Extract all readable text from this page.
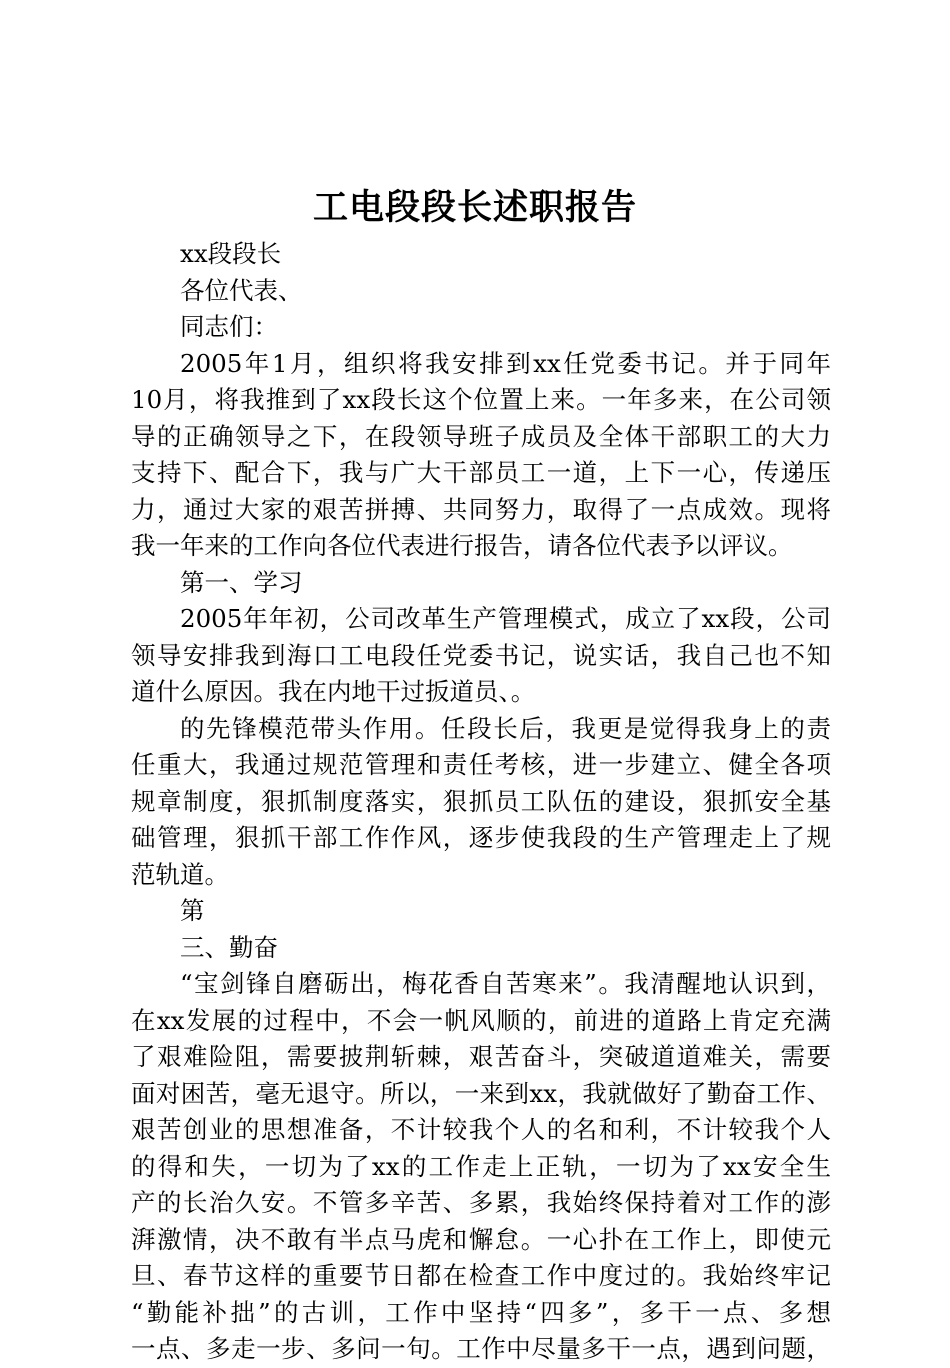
工电段段长述职报告
xx段段长
各位代表、
同志们：
2005年1月，组织将我安排到xx任党委书记。并于同年
10月，将我推到了xx段长这个位置上来。一年多来，在公司领
导的正确领导之下，在段领导班子成员及全体干部职工的大力
支持下、配合下，我与广大干部员工一道，上下一心，传递压
力，通过大家的艰苦拼搏、共同努力，取得了一点成效。现将
我一年来的工作向各位代表进行报告，请各位代表予以评议。
第一、学习
2005年年初，公司改革生产管理模式，成立了xx段，公司
领导安排我到海口工电段任党委书记，说实话，我自己也不知
道什么原因。我在内地干过扳道员、。
的先锋模范带头作用。任段长后，我更是觉得我身上的责
任重大，我通过规范管理和责任考核，进一步建立、健全各项
规章制度，狠抓制度落实，狠抓员工队伍的建设，狠抓安全基
础管理，狠抓干部工作作风，逐步使我段的生产管理走上了规
范轨道。
第
三、勤奋
“宝剑锋自磨砺出，梅花香自苦寒来”。我清醒地认识到，
在xx发展的过程中，不会一帆风顺的，前进的道路上肯定充满
了艰难险阻，需要披荆斩棘，艰苦奋斗，突破道道难关，需要
面对困苦，毫无退守。所以，一来到xx，我就做好了勤奋工作、
艰苦创业的思想准备，不计较我个人的名和利，不计较我个人
的得和失，一切为了xx的工作走上正轨，一切为了xx安全生
产的长治久安。不管多辛苦、多累，我始终保持着对工作的澎
湃激情，决不敢有半点马虎和懈怠。一心扑在工作上，即使元
旦、春节这样的重要节日都在检查工作中度过的。我始终牢记
“勤能补拙”的古训，工作中坚持“四多”，多干一点、多想
一点、多走一步、多问一句。工作中尽量多干一点，遇到问题，
